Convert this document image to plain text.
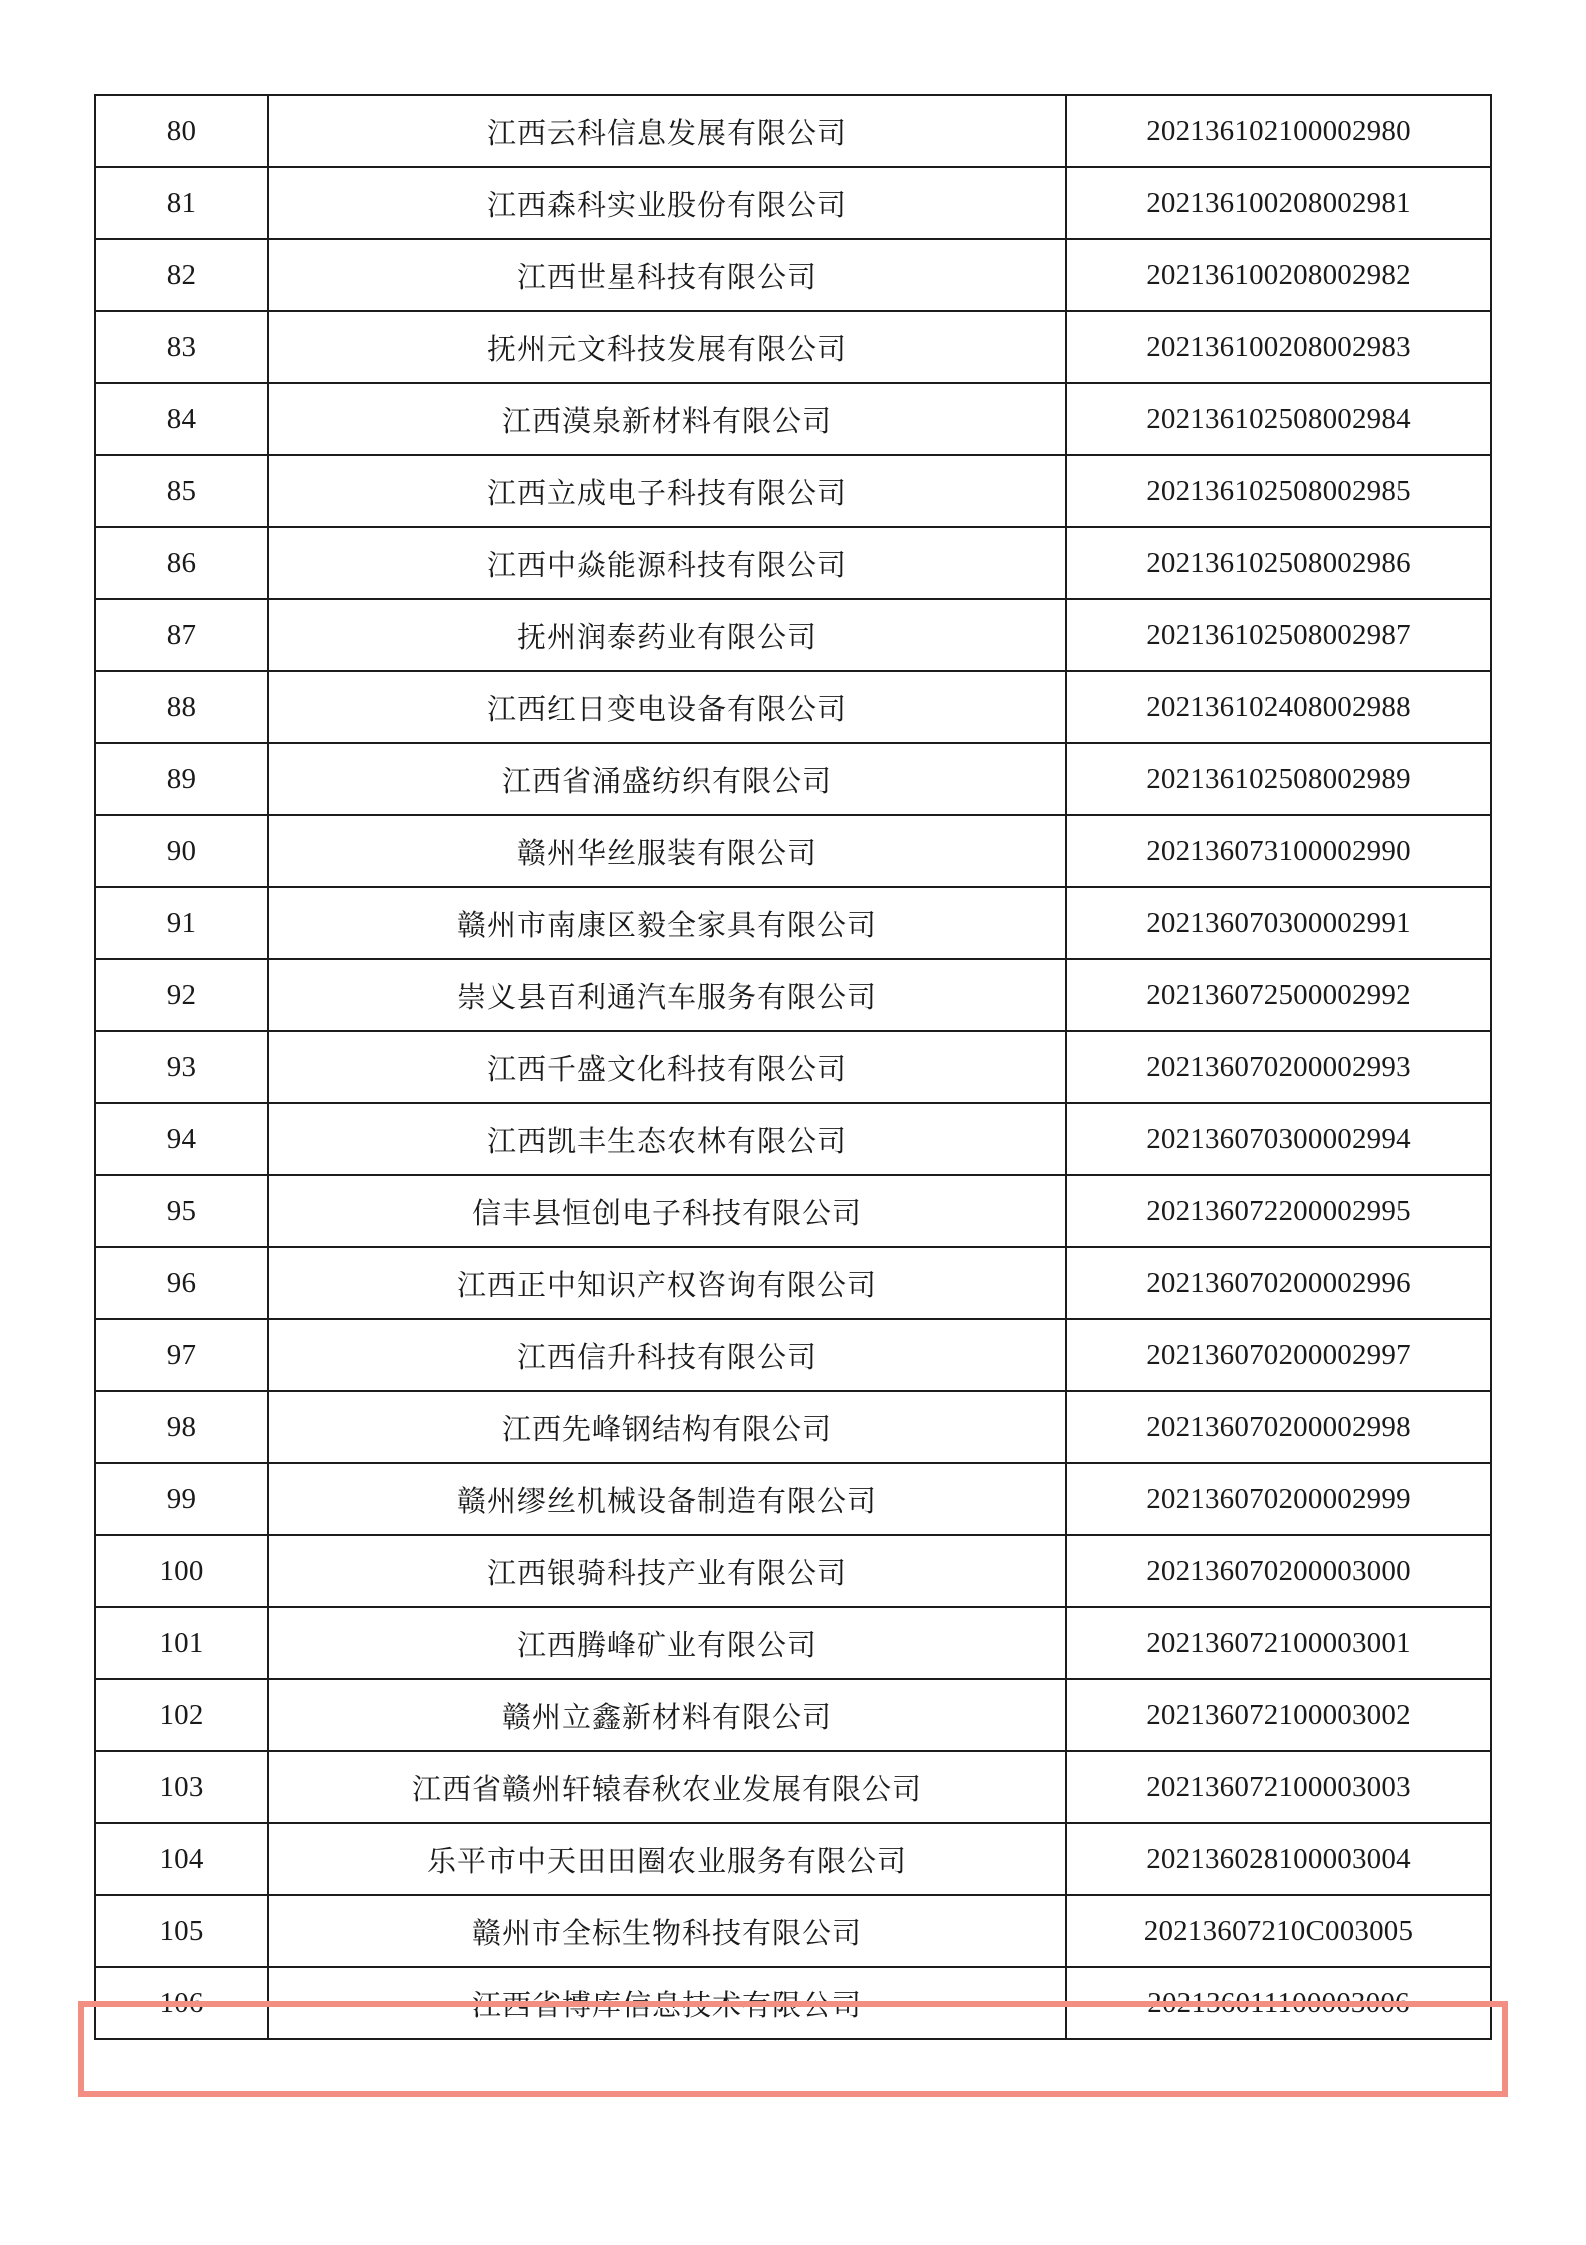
80	江西云科信息发展有限公司	202136102100002980
81	江西森科实业股份有限公司	202136100208002981
82	江西世星科技有限公司	202136100208002982
83	抚州元文科技发展有限公司	202136100208002983
84	江西漠泉新材料有限公司	202136102508002984
85	江西立成电子科技有限公司	202136102508002985
86	江西中焱能源科技有限公司	202136102508002986
87	抚州润泰药业有限公司	202136102508002987
88	江西红日变电设备有限公司	202136102408002988
89	江西省涌盛纺织有限公司	202136102508002989
90	赣州华丝服装有限公司	202136073100002990
91	赣州市南康区毅全家具有限公司	202136070300002991
92	崇义县百利通汽车服务有限公司	202136072500002992
93	江西千盛文化科技有限公司	202136070200002993
94	江西凯丰生态农林有限公司	202136070300002994
95	信丰县恒创电子科技有限公司	202136072200002995
96	江西正中知识产权咨询有限公司	202136070200002996
97	江西信升科技有限公司	202136070200002997
98	江西先峰钢结构有限公司	202136070200002998
99	赣州缪丝机械设备制造有限公司	202136070200002999
100	江西银骑科技产业有限公司	202136070200003000
101	江西腾峰矿业有限公司	202136072100003001
102	赣州立鑫新材料有限公司	202136072100003002
103	江西省赣州轩辕春秋农业发展有限公司	202136072100003003
104	乐平市中天田田圈农业服务有限公司	202136028100003004
105	赣州市全标生物科技有限公司	20213607210C003005
106	江西省博库信息技术有限公司	202136011100003006
